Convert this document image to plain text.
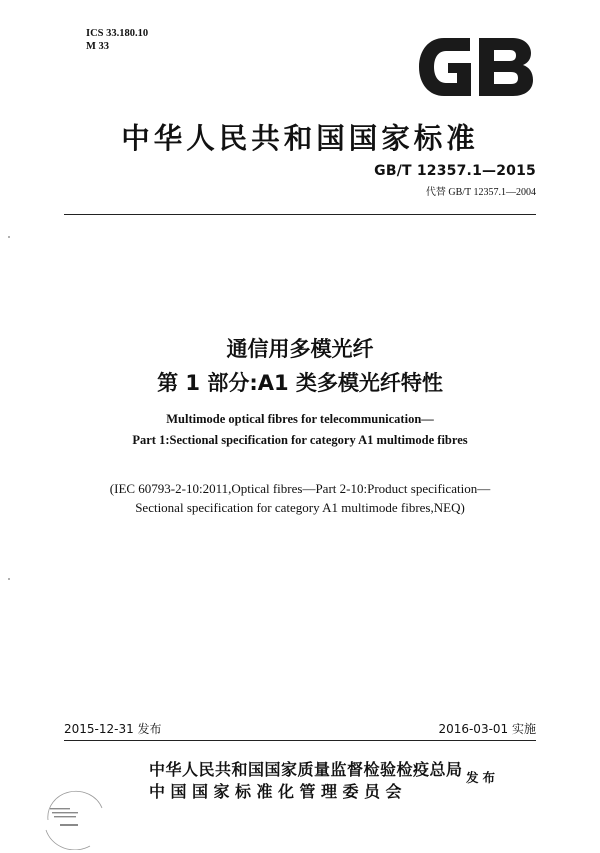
ICS 33.180.10
M 33
GB
中华人民共和国国家标准
GB/T 12357.1—2015
代替 GB/T 12357.1—2004
通信用多模光纤
第 1 部分:A1 类多模光纤特性
Multimode optical fibres for telecommunication—
Part 1:Sectional specification for category A1 multimode fibres
(IEC 60793-2-10:2011,Optical fibres—Part 2-10:Product specification—
Sectional specification for category A1 multimode fibres,NEQ)
2015-12-31 发布	2016-03-01 实施
中华人民共和国国家质量监督检验检疫总局
中国国家标准化管理委员会
发布
